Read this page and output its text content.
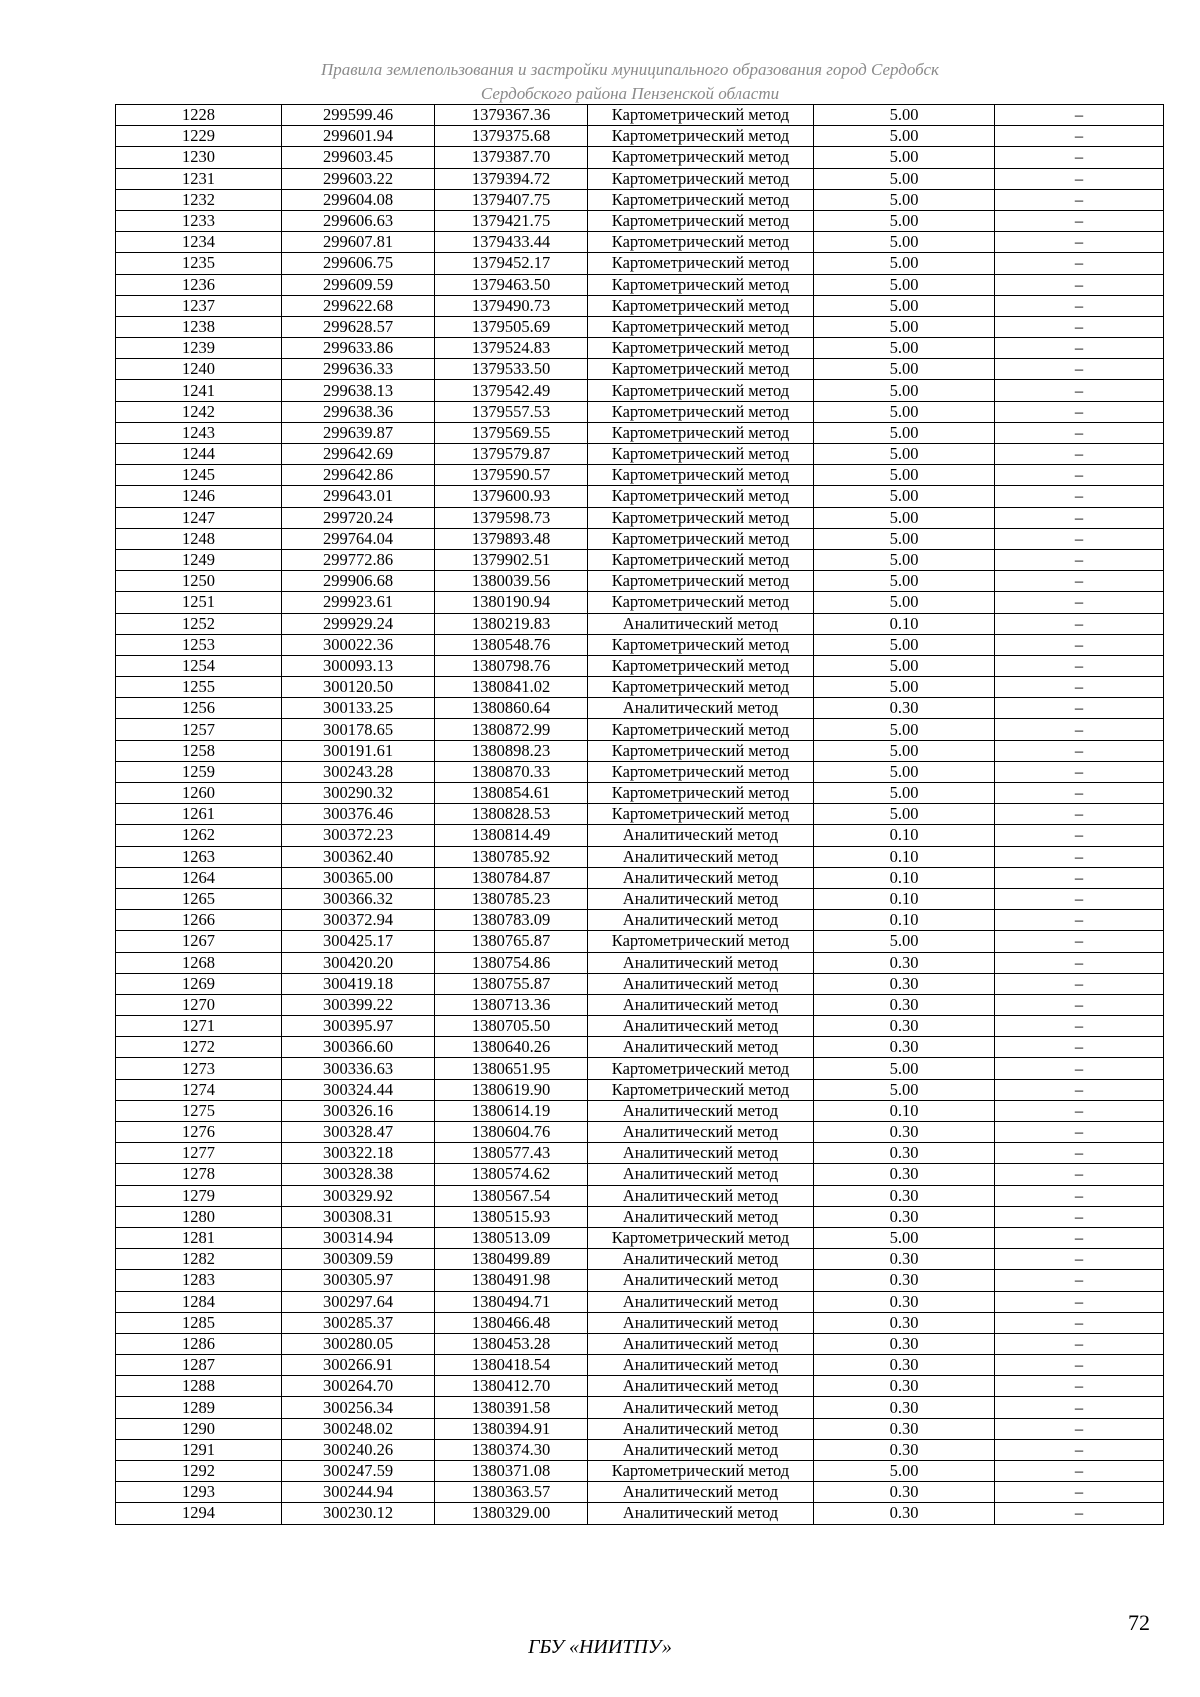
Правила землепользования и застройки муниципального образования город Сердобск
Сердобского района Пензенской области
1228	299599.46	1379367.36	Картометрический метод	5.00	–
1229	299601.94	1379375.68	Картометрический метод	5.00	–
1230	299603.45	1379387.70	Картометрический метод	5.00	–
1231	299603.22	1379394.72	Картометрический метод	5.00	–
1232	299604.08	1379407.75	Картометрический метод	5.00	–
1233	299606.63	1379421.75	Картометрический метод	5.00	–
1234	299607.81	1379433.44	Картометрический метод	5.00	–
1235	299606.75	1379452.17	Картометрический метод	5.00	–
1236	299609.59	1379463.50	Картометрический метод	5.00	–
1237	299622.68	1379490.73	Картометрический метод	5.00	–
1238	299628.57	1379505.69	Картометрический метод	5.00	–
1239	299633.86	1379524.83	Картометрический метод	5.00	–
1240	299636.33	1379533.50	Картометрический метод	5.00	–
1241	299638.13	1379542.49	Картометрический метод	5.00	–
1242	299638.36	1379557.53	Картометрический метод	5.00	–
1243	299639.87	1379569.55	Картометрический метод	5.00	–
1244	299642.69	1379579.87	Картометрический метод	5.00	–
1245	299642.86	1379590.57	Картометрический метод	5.00	–
1246	299643.01	1379600.93	Картометрический метод	5.00	–
1247	299720.24	1379598.73	Картометрический метод	5.00	–
1248	299764.04	1379893.48	Картометрический метод	5.00	–
1249	299772.86	1379902.51	Картометрический метод	5.00	–
1250	299906.68	1380039.56	Картометрический метод	5.00	–
1251	299923.61	1380190.94	Картометрический метод	5.00	–
1252	299929.24	1380219.83	Аналитический метод	0.10	–
1253	300022.36	1380548.76	Картометрический метод	5.00	–
1254	300093.13	1380798.76	Картометрический метод	5.00	–
1255	300120.50	1380841.02	Картометрический метод	5.00	–
1256	300133.25	1380860.64	Аналитический метод	0.30	–
1257	300178.65	1380872.99	Картометрический метод	5.00	–
1258	300191.61	1380898.23	Картометрический метод	5.00	–
1259	300243.28	1380870.33	Картометрический метод	5.00	–
1260	300290.32	1380854.61	Картометрический метод	5.00	–
1261	300376.46	1380828.53	Картометрический метод	5.00	–
1262	300372.23	1380814.49	Аналитический метод	0.10	–
1263	300362.40	1380785.92	Аналитический метод	0.10	–
1264	300365.00	1380784.87	Аналитический метод	0.10	–
1265	300366.32	1380785.23	Аналитический метод	0.10	–
1266	300372.94	1380783.09	Аналитический метод	0.10	–
1267	300425.17	1380765.87	Картометрический метод	5.00	–
1268	300420.20	1380754.86	Аналитический метод	0.30	–
1269	300419.18	1380755.87	Аналитический метод	0.30	–
1270	300399.22	1380713.36	Аналитический метод	0.30	–
1271	300395.97	1380705.50	Аналитический метод	0.30	–
1272	300366.60	1380640.26	Аналитический метод	0.30	–
1273	300336.63	1380651.95	Картометрический метод	5.00	–
1274	300324.44	1380619.90	Картометрический метод	5.00	–
1275	300326.16	1380614.19	Аналитический метод	0.10	–
1276	300328.47	1380604.76	Аналитический метод	0.30	–
1277	300322.18	1380577.43	Аналитический метод	0.30	–
1278	300328.38	1380574.62	Аналитический метод	0.30	–
1279	300329.92	1380567.54	Аналитический метод	0.30	–
1280	300308.31	1380515.93	Аналитический метод	0.30	–
1281	300314.94	1380513.09	Картометрический метод	5.00	–
1282	300309.59	1380499.89	Аналитический метод	0.30	–
1283	300305.97	1380491.98	Аналитический метод	0.30	–
1284	300297.64	1380494.71	Аналитический метод	0.30	–
1285	300285.37	1380466.48	Аналитический метод	0.30	–
1286	300280.05	1380453.28	Аналитический метод	0.30	–
1287	300266.91	1380418.54	Аналитический метод	0.30	–
1288	300264.70	1380412.70	Аналитический метод	0.30	–
1289	300256.34	1380391.58	Аналитический метод	0.30	–
1290	300248.02	1380394.91	Аналитический метод	0.30	–
1291	300240.26	1380374.30	Аналитический метод	0.30	–
1292	300247.59	1380371.08	Картометрический метод	5.00	–
1293	300244.94	1380363.57	Аналитический метод	0.30	–
1294	300230.12	1380329.00	Аналитический метод	0.30	–
72
ГБУ «НИИТПУ»
